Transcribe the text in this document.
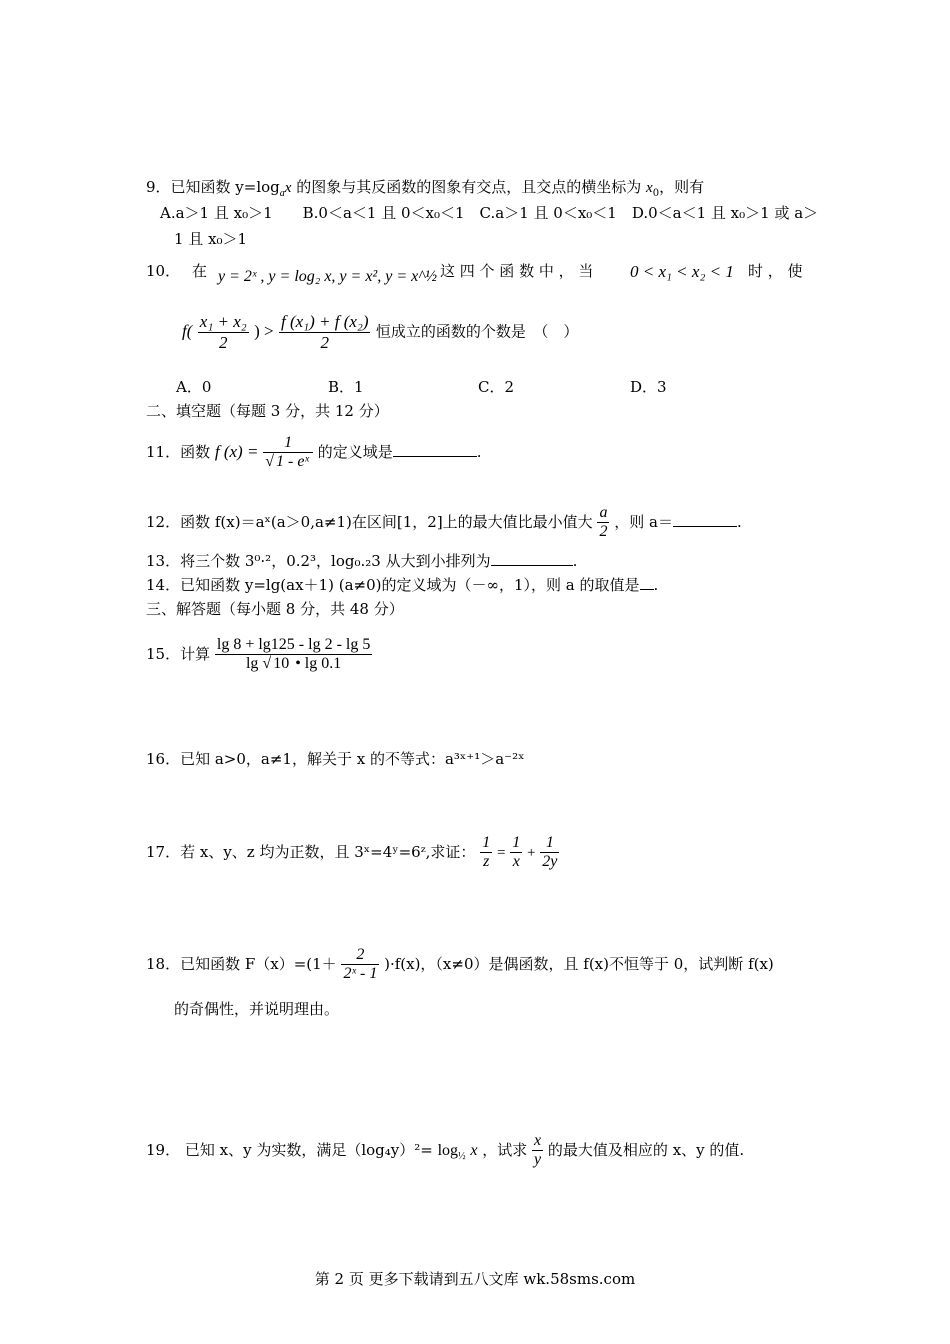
9．已知函数 $y=\log_ax$ 的图象与其反函数的图象有交点，且交点的横坐标为 $x_0$，则有
A.a＞1 且 x₀＞1　　B.0＜a＜1 且 0＜x₀＜1　C.a＞1 且 0＜x₀＜1　D.0＜a＜1 且 x₀＞1 或 a＞
1 且 x₀＞1
10． 在 y = 2ˣ , y = log₂ x, y = x², y = x^½ 这 四 个 函 数 中 ， 当 0 < x₁ < x₂ < 1 时 ， 使
$f( \frac{\text{x₁ + x₂}}{2}$ ) > $\frac{\text{f (x₁) + f (x₂)}}{2}$ 恒成立的函数的个数是　（　）
A．0	B．1	C．2	D．3
二、填空题（每题 3 分，共 12 分）
11．函数 f $(x) = \frac{1}{\text{√ 1 - eˣ}}$ 的定义域是	.
12．函数 f(x)＝aˣ(a＞0,a≠1)在区间[1，2]上的最大值比最小值大 $\frac{a}{2}$ ，则 a＝	.
13．将三个数 3⁰·²，0.2³，log₀.₂3 从大到小排列为	.
14．已知函数 y=lg(ax＋1) (a≠0)的定义域为（－∞，1），则 a 的取值是 .
三、解答题（每小题 8 分，共 48 分）
15．计算 $\frac{\lg 8 + \lg 125 - \lg 2 - \lg 5}{\lg √ 10 • \lg 0.1}$
16．已知 a>0，a≠1，解关于 x 的不等式：a³ˣ⁺¹＞a⁻²ˣ
17．若 x、y、z 均为正数，且 3ˣ=4ʸ=6ᶻ,求证： $\frac{1}{z} = \frac{1}{x} + \frac{1}{2y}$
18．已知函数 $F(x)=(1+ \frac{2}{\text{2ˣ - 1}} )\cdot f(x)$，（x≠0）是偶函数，且 f(x)不恒等于 0，试判断 f(x)
的奇偶性，并说明理由。
19． 已知 x、y 为实数，满足$(\log_4y)^2= \log_{\frac{1}{2}} x$ ，试求 $\frac{x}{y}$ 的最大值及相应的 x、y 的值.
第 2 页 更多下载请到五八文库 wk.58sms.com
